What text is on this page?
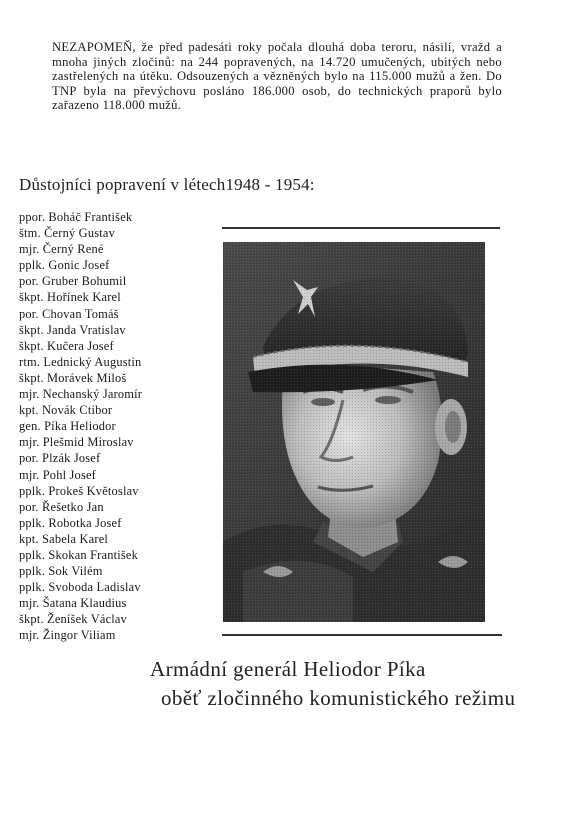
NEZAPOMEŇ, že před padesáti roky počala dlouhá doba teroru, násilí, vražd a mnoha jiných zločinů: na 244 popravených, na 14.720 umučených, ubitých nebo zastřelených na útěku. Odsouzených a vězněných bylo na 115.000 mužů a žen. Do TNP byla na převýchovu posláno 186.000 osob, do technických praporů bylo zařazeno 118.000 mužů.
Důstojníci popravení v létech1948 - 1954:
ppor. Boháč František
štm. Černý Gustav
mjr. Černý René
pplk. Gonic Josef
por. Gruber Bohumil
škpt. Hořínek Karel
por. Chovan Tomáš
škpt. Janda Vratislav
škpt. Kučera Josef
rtm. Lednický Augustin
škpt. Morávek Miloš
mjr. Nechanský Jaromír
kpt. Novák Ctibor
gen. Píka Heliodor
mjr. Plešmid Miroslav
por. Plzák Josef
mjr. Pohl Josef
pplk. Prokeš Květoslav
por. Řešetko Jan
pplk. Robotka Josef
kpt. Sabela Karel
pplk. Skokan František
pplk. Sok Vilém
pplk. Svoboda Ladislav
mjr. Šatana Klaudius
škpt. Ženíšek Václav
mjr. Žingor Viliam
Armádní generál Heliodor Píka
oběť zločinného komunistického režimu
